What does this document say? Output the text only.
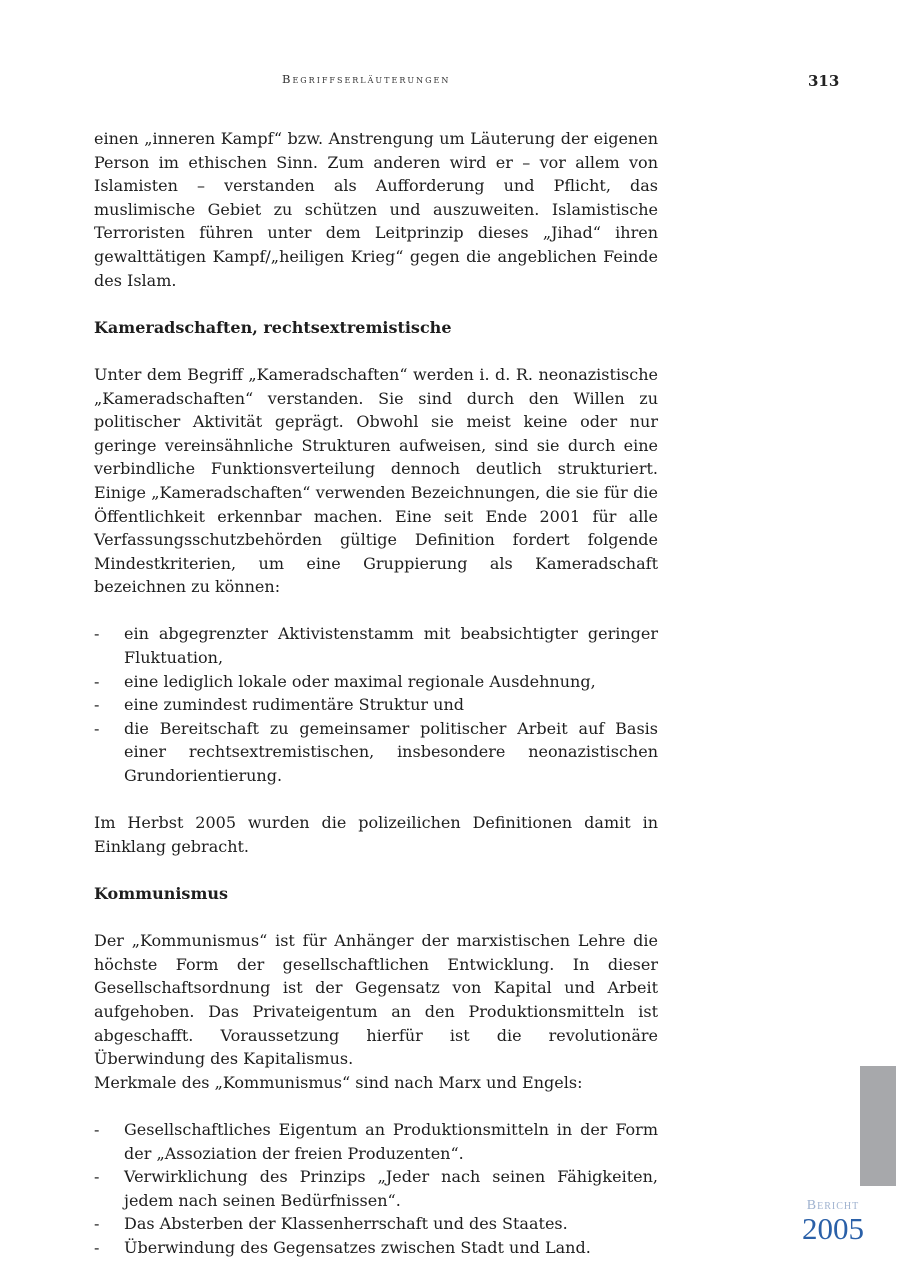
Begriffserläuterungen	313

einen „inneren Kampf“ bzw. Anstrengung um Läuterung der eigenen Person im ethischen Sinn. Zum anderen wird er – vor allem von Islamisten – verstanden als Aufforderung und Pflicht, das muslimische Gebiet zu schützen und auszuweiten. Islamistische Terroristen führen unter dem Leitprinzip dieses „Jihad“ ihren gewalttätigen Kampf/„heiligen Krieg“ gegen die angeblichen Feinde des Islam.

Kameradschaften, rechtsextremistische

Unter dem Begriff „Kameradschaften“ werden i. d. R. neonazistische „Kameradschaften“ verstanden. Sie sind durch den Willen zu politischer Aktivität geprägt. Obwohl sie meist keine oder nur geringe vereinsähnliche Strukturen aufweisen, sind sie durch eine verbindliche Funktionsverteilung dennoch deutlich strukturiert. Einige „Kameradschaften“ verwenden Bezeichnungen, die sie für die Öffentlichkeit erkennbar machen. Eine seit Ende 2001 für alle Verfassungsschutzbehörden gültige Definition fordert folgende Mindestkriterien, um eine Gruppierung als Kameradschaft bezeichnen zu können:

- ein abgegrenzter Aktivistenstamm mit beabsichtigter geringer Fluktuation,
- eine lediglich lokale oder maximal regionale Ausdehnung,
- eine zumindest rudimentäre Struktur und
- die Bereitschaft zu gemeinsamer politischer Arbeit auf Basis einer rechtsextremistischen, insbesondere neonazistischen Grundorientierung.

Im Herbst 2005 wurden die polizeilichen Definitionen damit in Einklang gebracht.

Kommunismus

Der „Kommunismus“ ist für Anhänger der marxistischen Lehre die höchste Form der gesellschaftlichen Entwicklung. In dieser Gesellschaftsordnung ist der Gegensatz von Kapital und Arbeit aufgehoben. Das Privateigentum an den Produktionsmitteln ist abgeschafft. Voraussetzung hierfür ist die revolutionäre Überwindung des Kapitalismus.

Merkmale des „Kommunismus“ sind nach Marx und Engels:

- Gesellschaftliches Eigentum an Produktionsmitteln in der Form der „Assoziation der freien Produzenten“.
- Verwirklichung des Prinzips „Jeder nach seinen Fähigkeiten, jedem nach seinen Bedürfnissen“.
- Das Absterben der Klassenherrschaft und des Staates.
- Überwindung des Gegensatzes zwischen Stadt und Land.
Bericht
2005
